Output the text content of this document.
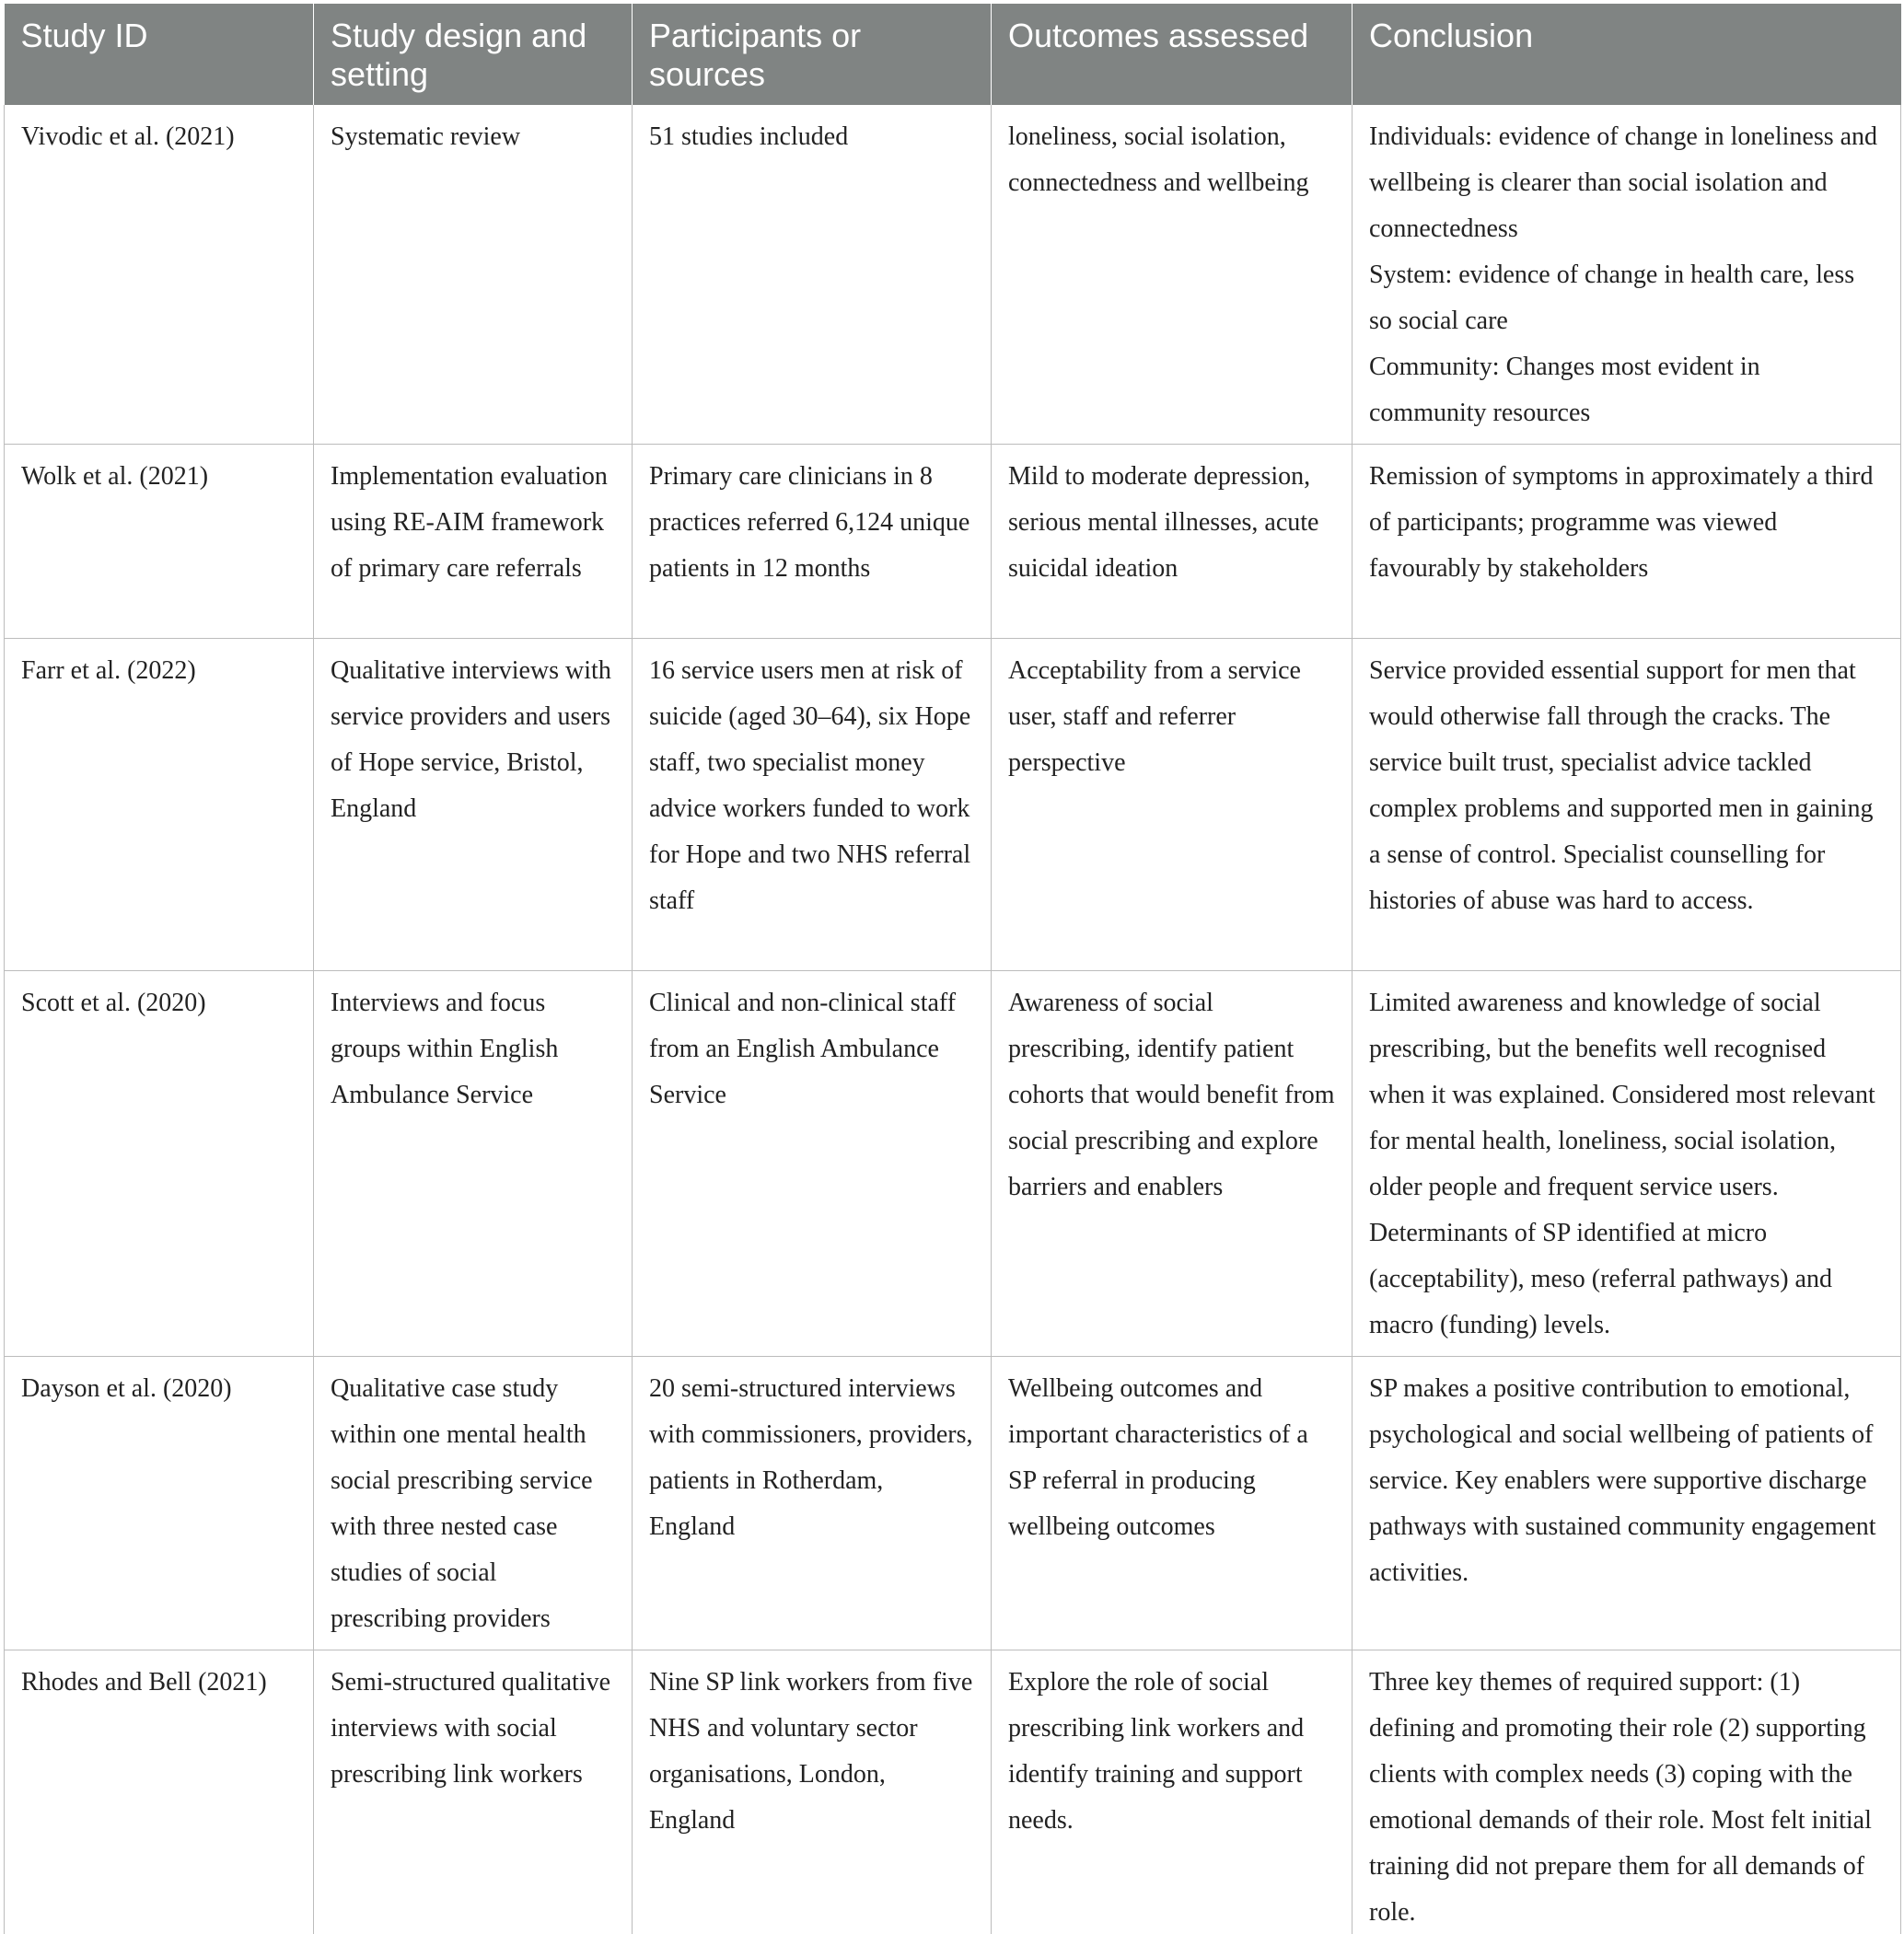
Study ID	Study design and setting	Participants or sources	Outcomes assessed	Conclusion
Vivodic et al. (2021)	Systematic review	51 studies included	loneliness, social isolation, connectedness and wellbeing	Individuals: evidence of change in loneliness and wellbeing is clearer than social isolation and connectedness
System: evidence of change in health care, less so social care
Community: Changes most evident in community resources

Wolk et al. (2021)	Implementation evaluation using RE-AIM framework of primary care referrals	Primary care clinicians in 8 practices referred 6,124 unique patients in 12 months	Mild to moderate depression, serious mental illnesses, acute suicidal ideation	Remission of symptoms in approximately a third of participants; programme was viewed favourably by stakeholders

Farr et al. (2022)	Qualitative interviews with service providers and users of Hope service, Bristol, England	16 service users men at risk of suicide (aged 30–64), six Hope staff, two specialist money advice workers funded to work for Hope and two NHS referral staff	Acceptability from a service user, staff and referrer perspective	Service provided essential support for men that would otherwise fall through the cracks. The service built trust, specialist advice tackled complex problems and supported men in gaining a sense of control. Specialist counselling for histories of abuse was hard to access.

Scott et al. (2020)	Interviews and focus groups within English Ambulance Service	Clinical and non-clinical staff from an English Ambulance Service	Awareness of social prescribing, identify patient cohorts that would benefit from social prescribing and explore barriers and enablers	Limited awareness and knowledge of social prescribing, but the benefits well recognised when it was explained. Considered most relevant for mental health, loneliness, social isolation, older people and frequent service users. Determinants of SP identified at micro (acceptability), meso (referral pathways) and macro (funding) levels.

Dayson et al. (2020)	Qualitative case study within one mental health social prescribing service with three nested case studies of social prescribing providers	20 semi-structured interviews with commissioners, providers, patients in Rotherdam, England	Wellbeing outcomes and important characteristics of a SP referral in producing wellbeing outcomes	SP makes a positive contribution to emotional, psychological and social wellbeing of patients of service. Key enablers were supportive discharge pathways with sustained community engagement activities.

Rhodes and Bell (2021)	Semi-structured qualitative interviews with social prescribing link workers	Nine SP link workers from five NHS and voluntary sector organisations, London, England	Explore the role of social prescribing link workers and identify training and support needs.	Three key themes of required support: (1) defining and promoting their role (2) supporting clients with complex needs (3) coping with the emotional demands of their role. Most felt initial training did not prepare them for all demands of role.
